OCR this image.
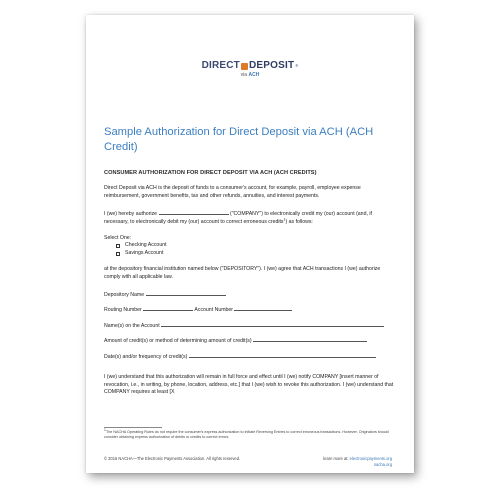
DIRECT DEPOSIT ®
via ACH
Sample Authorization for Direct Deposit via ACH (ACH Credit)
CONSUMER AUTHORIZATION FOR DIRECT DEPOSIT VIA ACH (ACH CREDITS)

Direct Deposit via ACH is the deposit of funds to a consumer's account, for example, payroll, employee expense reimbursement, government benefits, tax and other refunds, annuities, and interest payments.

I (we) hereby authorize	("COMPANY") to electronically credit my (our) account (and, if necessary, to electronically debit my (our) account to correct erroneous credits$^1$) as follows:

Select One:

Checking Account
Savings Account

at the depository financial institution named below ("DEPOSITORY"). I (we) agree that ACH transactions I (we) authorize comply with all applicable law.

Depository Name
Routing Number	Account Number
Name(s) on the Account
Amount of credit(s) or method of determining amount of credit(s)
Date(s) and/or frequency of credit(s)

I (we) understand that this authorization will remain in full force and effect until I (we) notify COMPANY [insert manner of revocation, i.e., in writing, by phone, location, address, etc.] that I (we) wish to revoke this authorization. I (we) understand that COMPANY requires at least [X

$^1$The NACHA Operating Rules do not require the consumer's express authorization to initiate Reversing Entries to correct erroneous transactions. However, Originators should consider obtaining express authorization of debits or credits to correct errors.
© 2016 NACHA—The Electronic Payments Association. All rights reserved.	learn more at: electronicpayments.org
nacha.org
